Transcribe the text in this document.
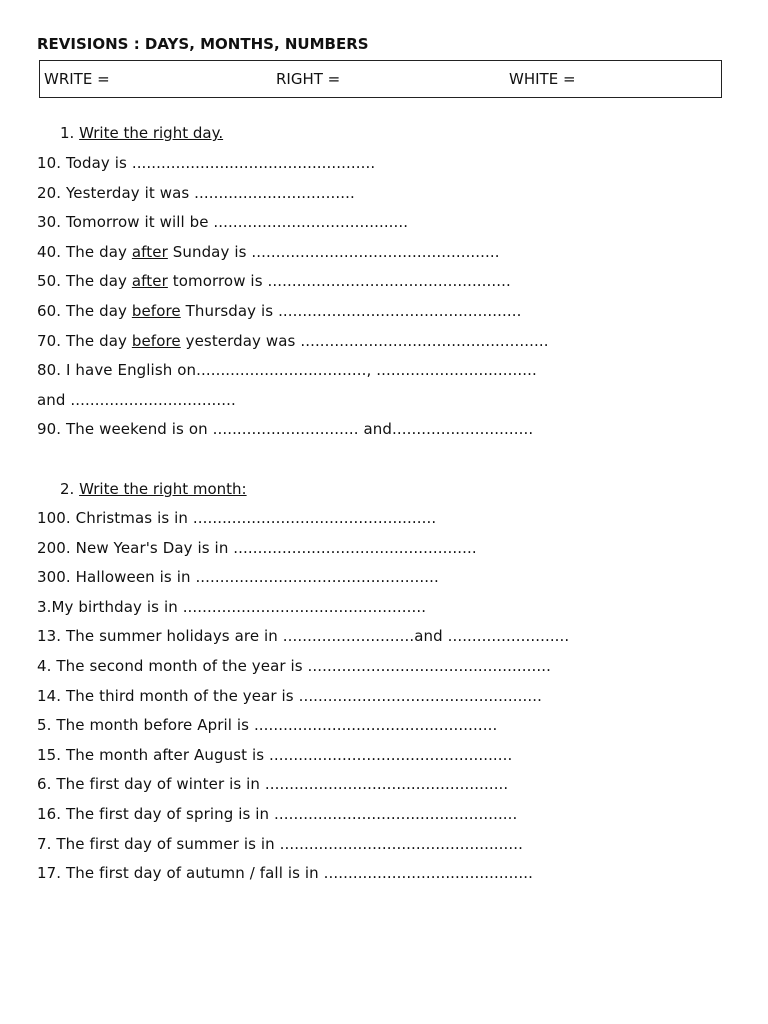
REVISIONS : DAYS, MONTHS, NUMBERS
WRITE =	RIGHT =	WHITE =
1. Write the right day.
10. Today is ..................................................
20. Yesterday it was .................................
30. Tomorrow it will be ........................................
40. The day after Sunday is ...................................................
50. The day after tomorrow is ..................................................
60. The day before Thursday is ..................................................
70. The day before yesterday was ...................................................
80. I have English on..................................., .................................
and ..................................
90. The weekend is on .............................. and.............................
2. Write the right month:
100. Christmas is in ..................................................
200. New Year's Day is in ..................................................
300. Halloween is in ..................................................
3.My birthday is in ..................................................
13. The summer holidays are in ...........................and .........................
4. The second month of the year is ..................................................
14. The third month of the year is ..................................................
5. The month before April is ..................................................
15. The month after August is ..................................................
6. The first day of winter is in ..................................................
16. The first day of spring is in ..................................................
7. The first day of summer is in ..................................................
17. The first day of autumn / fall is in ...........................................
